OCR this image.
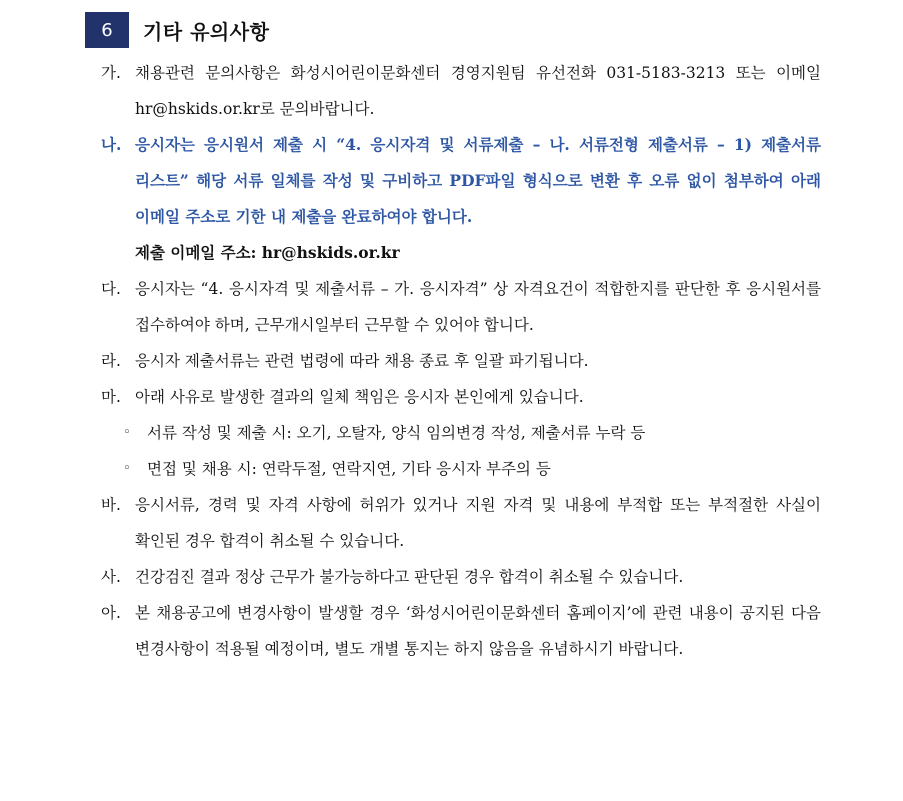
6	기타 유의사항
가. 채용관련 문의사항은 화성시어린이문화센터 경영지원팀 유선전화 031-5183-3213 또는 이메일 hr@hskids.or.kr로 문의바랍니다.
나. 응시자는 응시원서 제출 시 “4. 응시자격 및 서류제출 – 나. 서류전형 제출서류 – 1) 제출서류 리스트” 해당 서류 일체를 작성 및 구비하고 PDF파일 형식으로 변환 후 오류 없이 첨부하여 아래 이메일 주소로 기한 내 제출을 완료하여야 합니다.
제출 이메일 주소: hr@hskids.or.kr
다. 응시자는 “4. 응시자격 및 제출서류 – 가. 응시자격” 상 자격요건이 적합한지를 판단한 후 응시원서를 접수하여야 하며, 근무개시일부터 근무할 수 있어야 합니다.
라. 응시자 제출서류는 관련 법령에 따라 채용 종료 후 일괄 파기됩니다.
마. 아래 사유로 발생한 결과의 일체 책임은 응시자 본인에게 있습니다.
◦ 서류 작성 및 제출 시: 오기, 오탈자, 양식 임의변경 작성, 제출서류 누락 등
◦ 면접 및 채용 시: 연락두절, 연락지연, 기타 응시자 부주의 등
바. 응시서류, 경력 및 자격 사항에 허위가 있거나 지원 자격 및 내용에 부적합 또는 부적절한 사실이 확인된 경우 합격이 취소될 수 있습니다.
사. 건강검진 결과 정상 근무가 불가능하다고 판단된 경우 합격이 취소될 수 있습니다.
아. 본 채용공고에 변경사항이 발생할 경우 ‘화성시어린이문화센터 홈페이지’에 관련 내용이 공지된 다음 변경사항이 적용될 예정이며, 별도 개별 통지는 하지 않음을 유념하시기 바랍니다.
